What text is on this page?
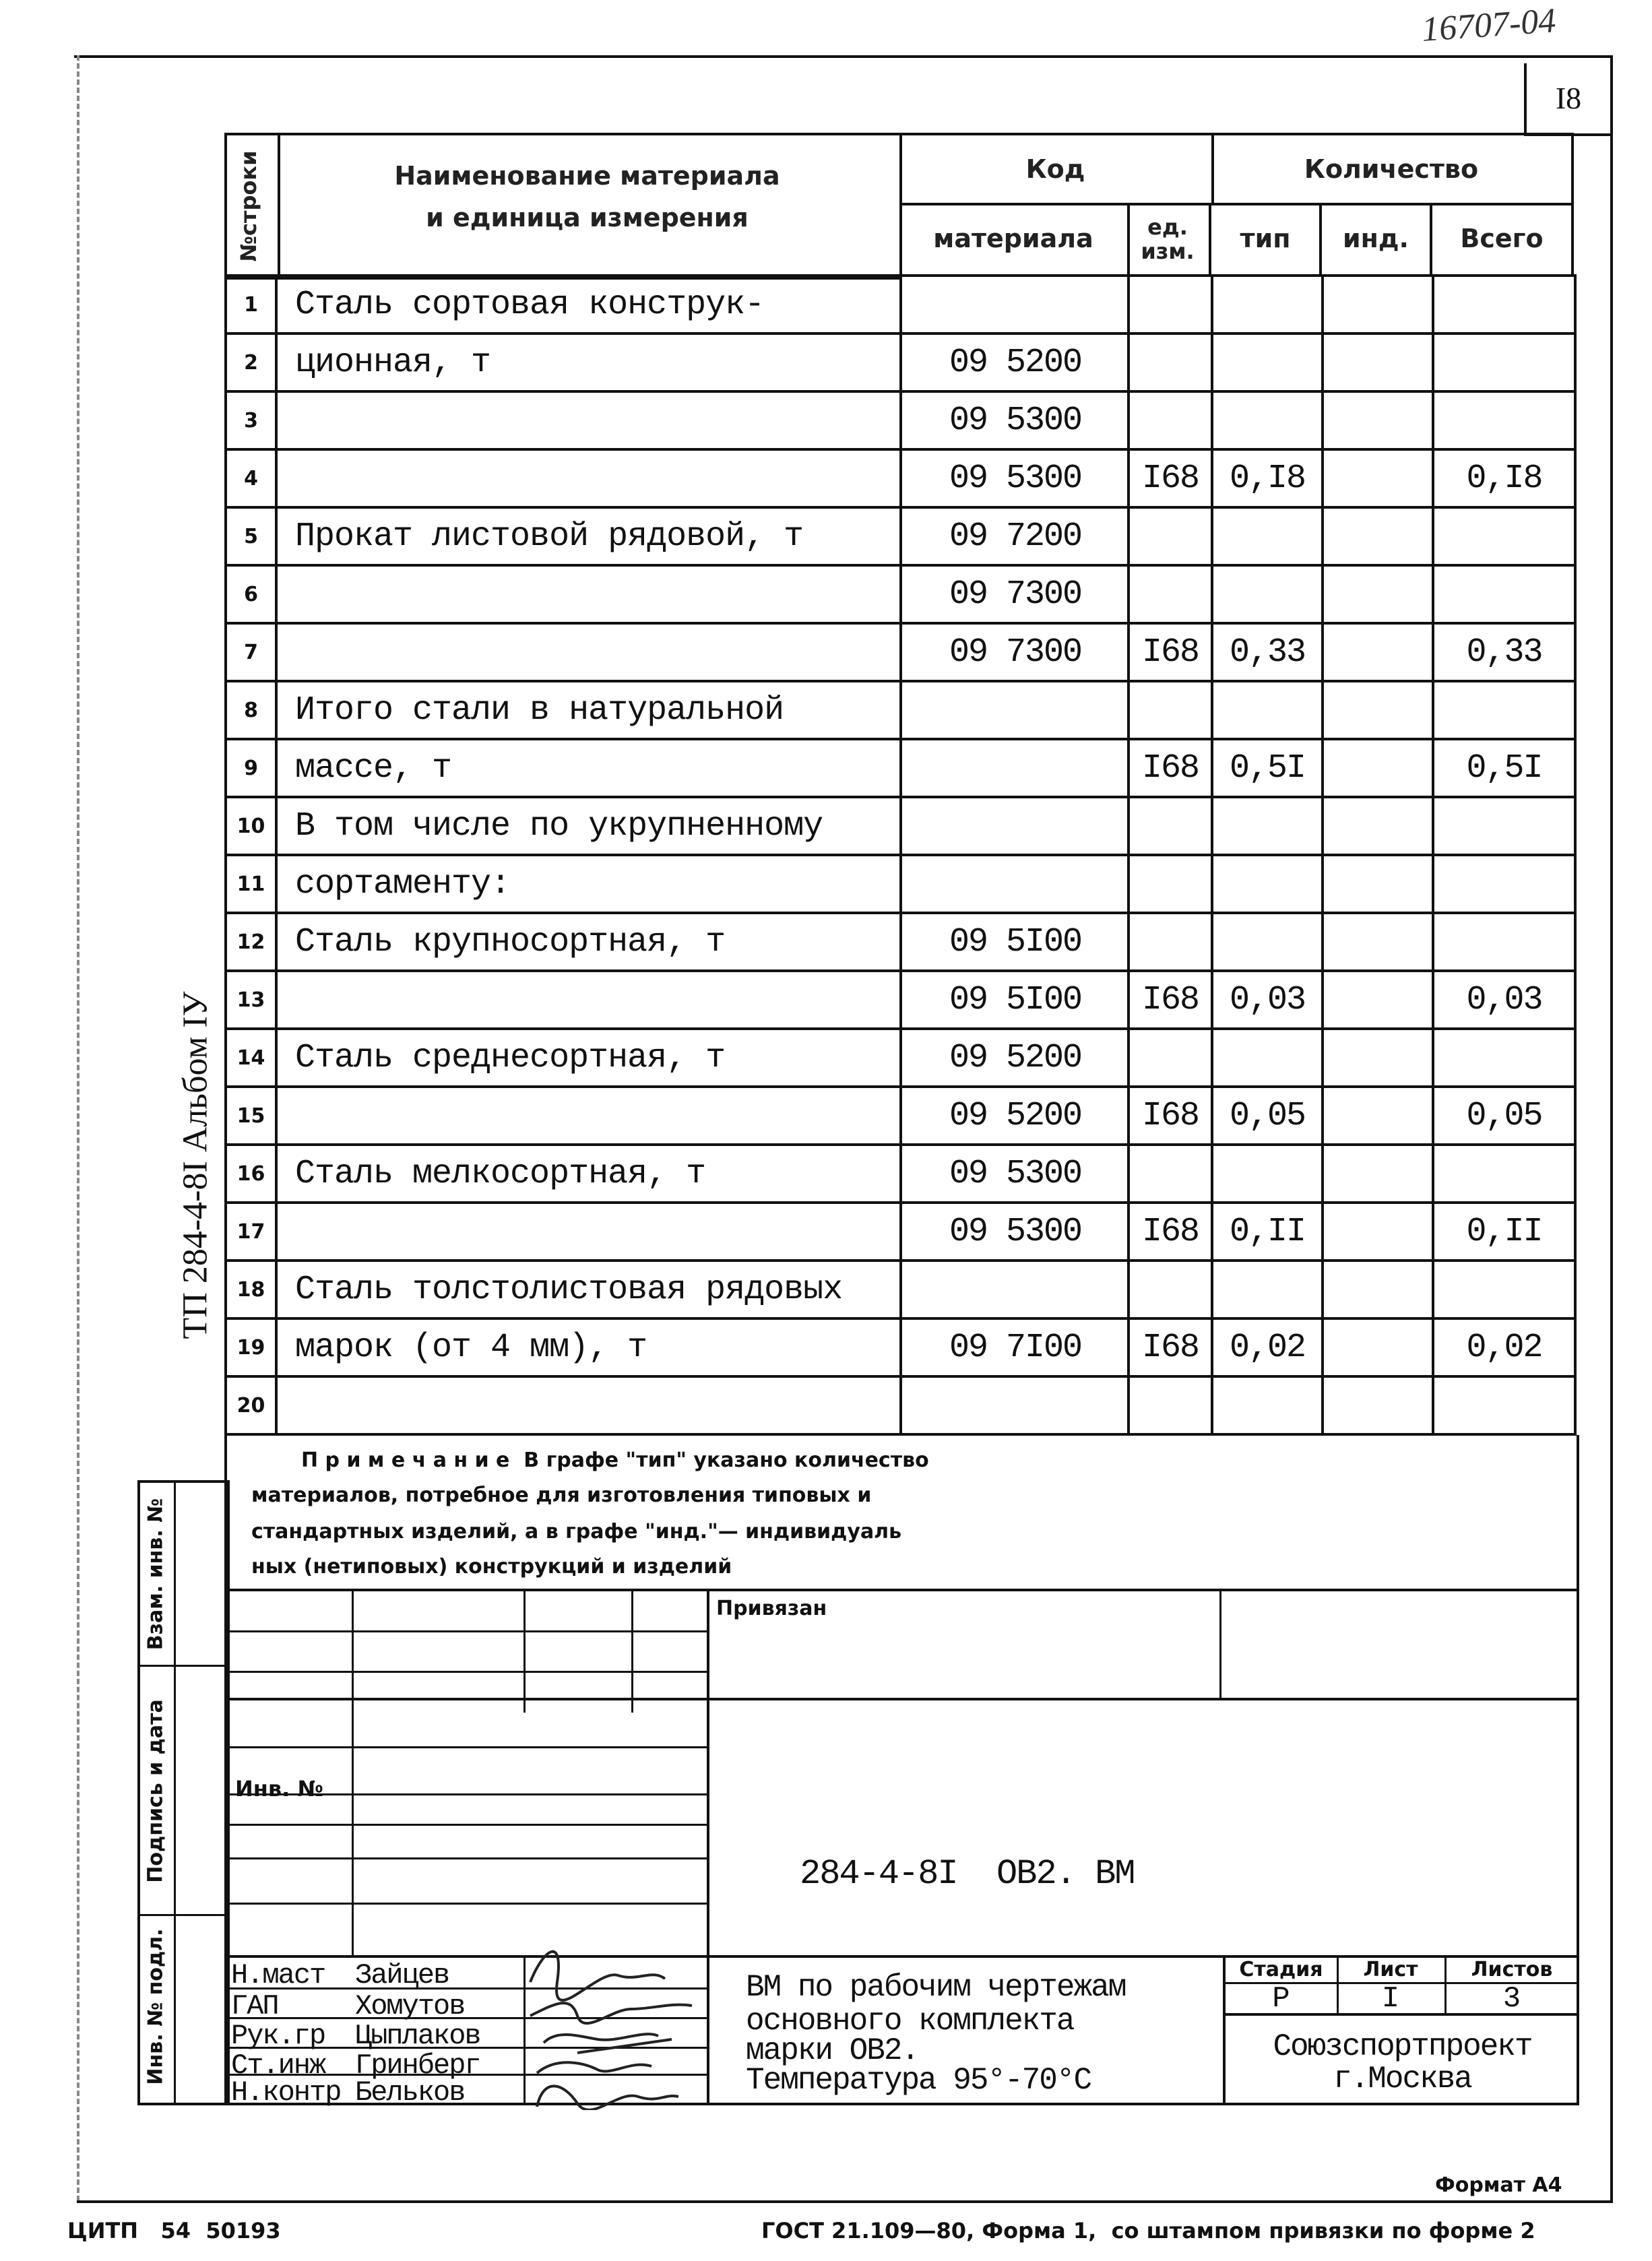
16707-04
I8
№строки	Наименование материала
и единица измерения
Код
материала	ед. изм.
Количество
тип	инд.	Всего
1	Сталь сортовая конструк-					
2	ционная, т	09 5200				
3		09 5300				
4		09 5300	I68	0,I8		0,I8
5	Прокат листовой рядовой, т	09 7200				
6		09 7300				
7		09 7300	I68	0,33		0,33
8	Итого стали в натуральной					
9	массе, т		I68	0,5I		0,5I
10	В том числе по укрупненному					
11	сортаменту:					
12	Сталь крупносортная, т	09 5I00				
13		09 5I00	I68	0,03		0,03
14	Сталь среднесортная, т	09 5200				
15		09 5200	I68	0,05		0,05
16	Сталь мелкосортная, т	09 5300				
17		09 5300	I68	0,II		0,II
18	Сталь толстолистовая рядовых					
19	марок (от 4 мм), т	09 7I00	I68	0,02		0,02
20						
П р и м е ч а н и е  В графе "тип" указано количество
материалов, потребное для изготовления типовых и
стандартных изделий, а в графе "инд."— индивидуаль
ных (нетиповых) конструкций и изделий
ТП 284-4-8I Альбом IУ
Взам. инв. №
Подпись и дата
Инв. № подл.
Привязан
Инв. №
284-4-8I  ОВ2. ВМ
Н.маст Зайцев
ГАП	Хомутов
Рук.гр Цыплаков
Ст.инж Гринберг
Н.контр Бельков
ВМ по рабочим чертежам
основного комплекта
марки ОВ2.
Температура 95°-70°С
Стадия	Лист	Листов
Р	I	3
Союзспортпроект
г.Москва
Формат А4
ЦИТП   54  50193	ГОСТ 21.109—80, Форма 1,  со штампом привязки по форме 2
